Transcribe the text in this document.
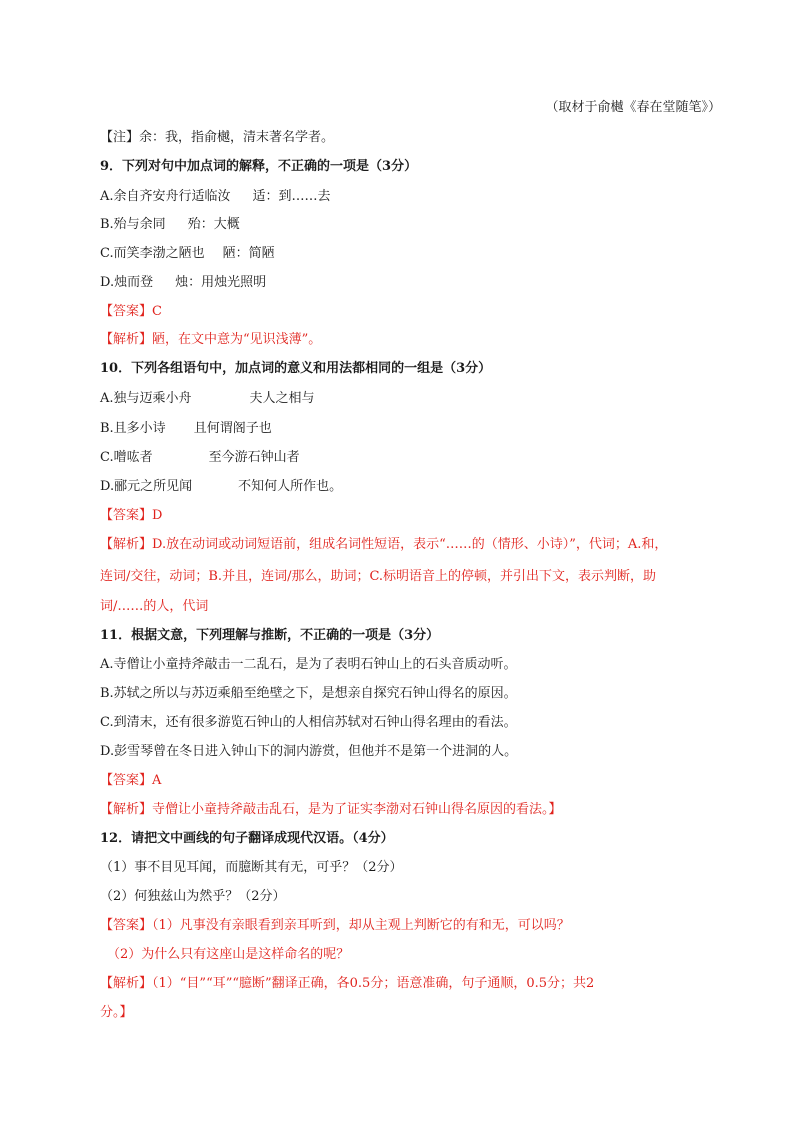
（取材于俞樾《春在堂随笔》）
【注】余：我，指俞樾，清末著名学者。
9．下列对句中加点词的解释，不正确的一项是（3分）
A.余自齐安舟行适临汝 适：到……去
B.殆与余同 殆：大概
C.而笑李渤之陋也 陋：简陋
D.烛而登 烛：用烛光照明
【答案】C
【解析】陋，在文中意为“见识浅薄”。
10．下列各组语句中，加点词的意义和用法都相同的一组是（3分）
A.独与迈乘小舟	夫人之相与
B.且多小诗 且何谓阁子也
C.噌吰者	至今游石钟山者
D.郦元之所见闻	不知何人所作也。
【答案】D
【解析】D.放在动词或动词短语前，组成名词性短语，表示“……的（情形、小诗）”，代词；A.和，
连词/交往，动词；B.并且，连词/那么，助词；C.标明语音上的停顿，并引出下文，表示判断，助
词/……的人，代词
11．根据文意，下列理解与推断，不正确的一项是（3分）
A.寺僧让小童持斧敲击一二乱石，是为了表明石钟山上的石头音质动听。
B.苏轼之所以与苏迈乘船至绝壁之下，是想亲自探究石钟山得名的原因。
C.到清末，还有很多游览石钟山的人相信苏轼对石钟山得名理由的看法。
D.彭雪琴曾在冬日进入钟山下的洞内游赏，但他并不是第一个进洞的人。
【答案】A
【解析】寺僧让小童持斧敲击乱石，是为了证实李渤对石钟山得名原因的看法。】
12．请把文中画线的句子翻译成现代汉语。（4分）
（1）事不目见耳闻，而臆断其有无，可乎？（2分）
（2）何独兹山为然乎？（2分）
【答案】（1）凡事没有亲眼看到亲耳听到，却从主观上判断它的有和无，可以吗？
（2）为什么只有这座山是这样命名的呢？
【解析】（1）“目”“耳”“臆断”翻译正确，各0.5分；语意准确，句子通顺，0.5分；共2
分。】
